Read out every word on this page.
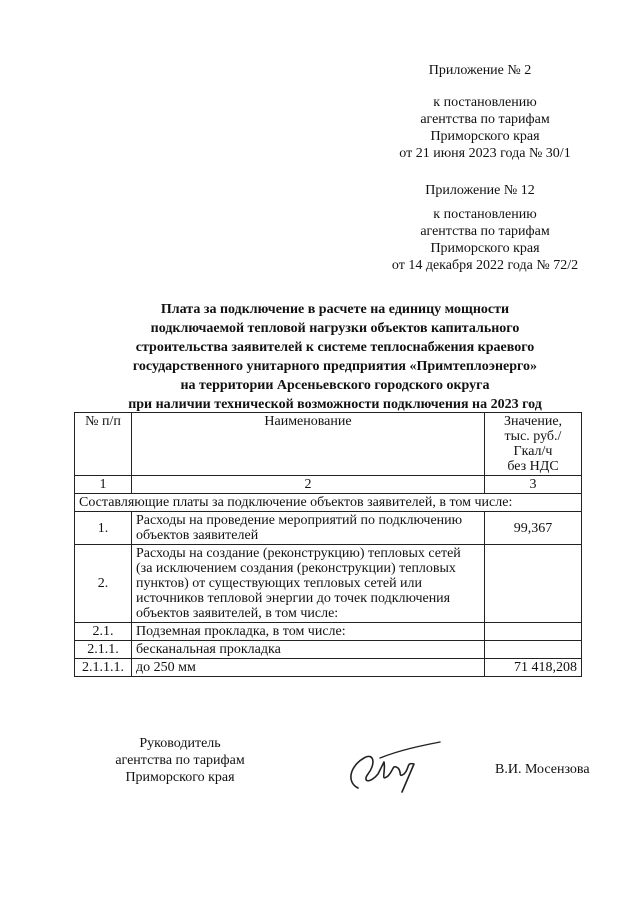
Приложение № 2
к постановлению
агентства по тарифам
Приморского края
от 21 июня 2023 года № 30/1
Приложение № 12
к постановлению
агентства по тарифам
Приморского края
от 14 декабря 2022 года № 72/2
Плата за подключение в расчете на единицу мощности
подключаемой тепловой нагрузки объектов капитального
строительства заявителей к системе теплоснабжения краевого
государственного унитарного предприятия «Примтеплоэнерго»
на территории Арсеньевского городского округа
при наличии технической возможности подключения на 2023 год
№ п/п	Наименование	Значение,
тыс. руб./Гкал/ч
без НДС

1	2	3
Составляющие платы за подключение объектов заявителей, в том числе:		
1.	Расходы на проведение мероприятий по подключению объектов заявителей	99,367
2.	Расходы на создание (реконструкцию) тепловых сетей (за исключением создания (реконструкции) тепловых пунктов) от существующих тепловых сетей или источников тепловой энергии до точек подключения объектов заявителей, в том числе:	
2.1.	Подземная прокладка, в том числе:	
2.1.1.	бесканальная прокладка	
2.1.1.1.	до 250 мм	71 418,208
Руководитель
агентства по тарифам
Приморского края
В.И. Мосензова
